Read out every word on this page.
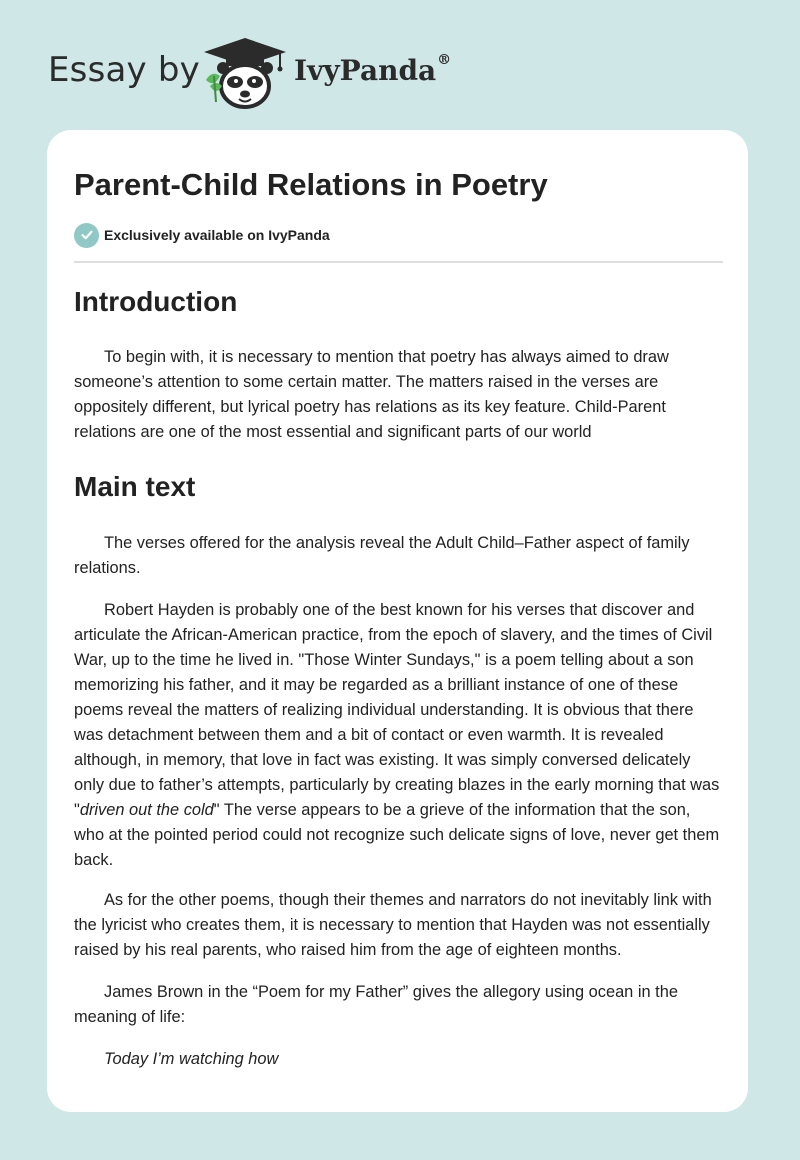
Essay by	IvyPanda®
Parent-Child Relations in Poetry
Exclusively available on IvyPanda
Introduction

To begin with, it is necessary to mention that poetry has always aimed to draw someone’s attention to some certain matter. The matters raised in the verses are oppositely different, but lyrical poetry has relations as its key feature. Child-Parent relations are one of the most essential and significant parts of our world

Main text

The verses offered for the analysis reveal the Adult Child–Father aspect of family relations.

Robert Hayden is probably one of the best known for his verses that discover and articulate the African-American practice, from the epoch of slavery, and the times of Civil War, up to the time he lived in. "Those Winter Sundays," is a poem telling about a son memorizing his father, and it may be regarded as a brilliant instance of one of these poems reveal the matters of realizing individual understanding. It is obvious that there was detachment between them and a bit of contact or even warmth. It is revealed although, in memory, that love in fact was existing. It was simply conversed delicately only due to father’s attempts, particularly by creating blazes in the early morning that was "driven out the cold" The verse appears to be a grieve of the information that the son, who at the pointed period could not recognize such delicate signs of love, never get them back.

As for the other poems, though their themes and narrators do not inevitably link with the lyricist who creates them, it is necessary to mention that Hayden was not essentially raised by his real parents, who raised him from the age of eighteen months.

James Brown in the “Poem for my Father” gives the allegory using ocean in the meaning of life:

Today I’m watching how
